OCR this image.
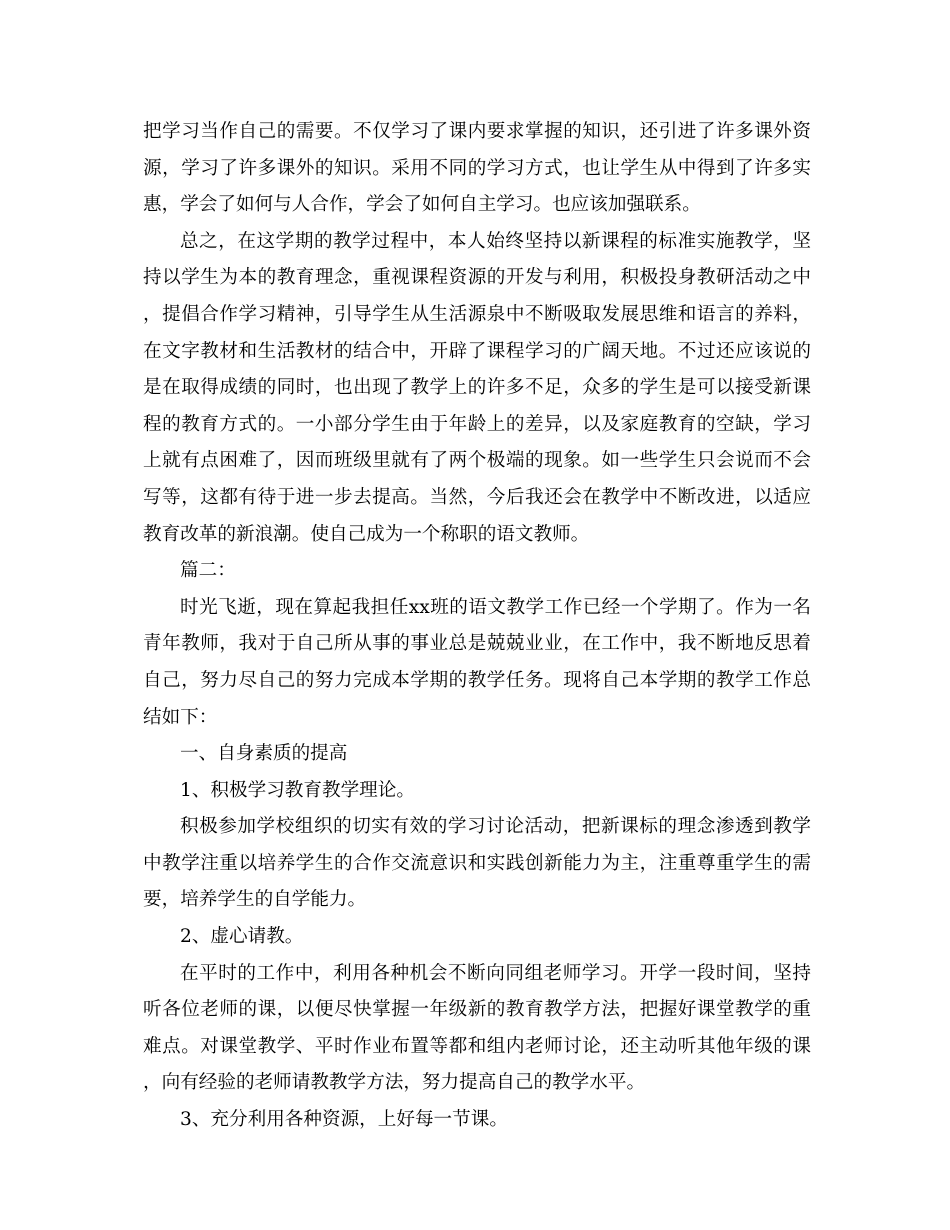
把学习当作自己的需要。不仅学习了课内要求掌握的知识，还引进了许多课外资源，学习了许多课外的知识。采用不同的学习方式，也让学生从中得到了许多实惠，学会了如何与人合作，学会了如何自主学习。也应该加强联系。

总之，在这学期的教学过程中，本人始终坚持以新课程的标准实施教学，坚持以学生为本的教育理念，重视课程资源的开发与利用，积极投身教研活动之中，提倡合作学习精神，引导学生从生活源泉中不断吸取发展思维和语言的养料，在文字教材和生活教材的结合中，开辟了课程学习的广阔天地。不过还应该说的是在取得成绩的同时，也出现了教学上的许多不足，众多的学生是可以接受新课程的教育方式的。一小部分学生由于年龄上的差异，以及家庭教育的空缺，学习上就有点困难了，因而班级里就有了两个极端的现象。如一些学生只会说而不会写等，这都有待于进一步去提高。当然，今后我还会在教学中不断改进，以适应教育改革的新浪潮。使自己成为一个称职的语文教师。

篇二：

时光飞逝，现在算起我担任xx班的语文教学工作已经一个学期了。作为一名青年教师，我对于自己所从事的事业总是兢兢业业，在工作中，我不断地反思着自己，努力尽自己的努力完成本学期的教学任务。现将自己本学期的教学工作总结如下：

一、自身素质的提高

1、积极学习教育教学理论。

积极参加学校组织的切实有效的学习讨论活动，把新课标的理念渗透到教学中教学注重以培养学生的合作交流意识和实践创新能力为主，注重尊重学生的需要，培养学生的自学能力。

2、虚心请教。

在平时的工作中，利用各种机会不断向同组老师学习。开学一段时间，坚持听各位老师的课，以便尽快掌握一年级新的教育教学方法，把握好课堂教学的重难点。对课堂教学、平时作业布置等都和组内老师讨论，还主动听其他年级的课，向有经验的老师请教教学方法，努力提高自己的教学水平。

3、充分利用各种资源，上好每一节课。
